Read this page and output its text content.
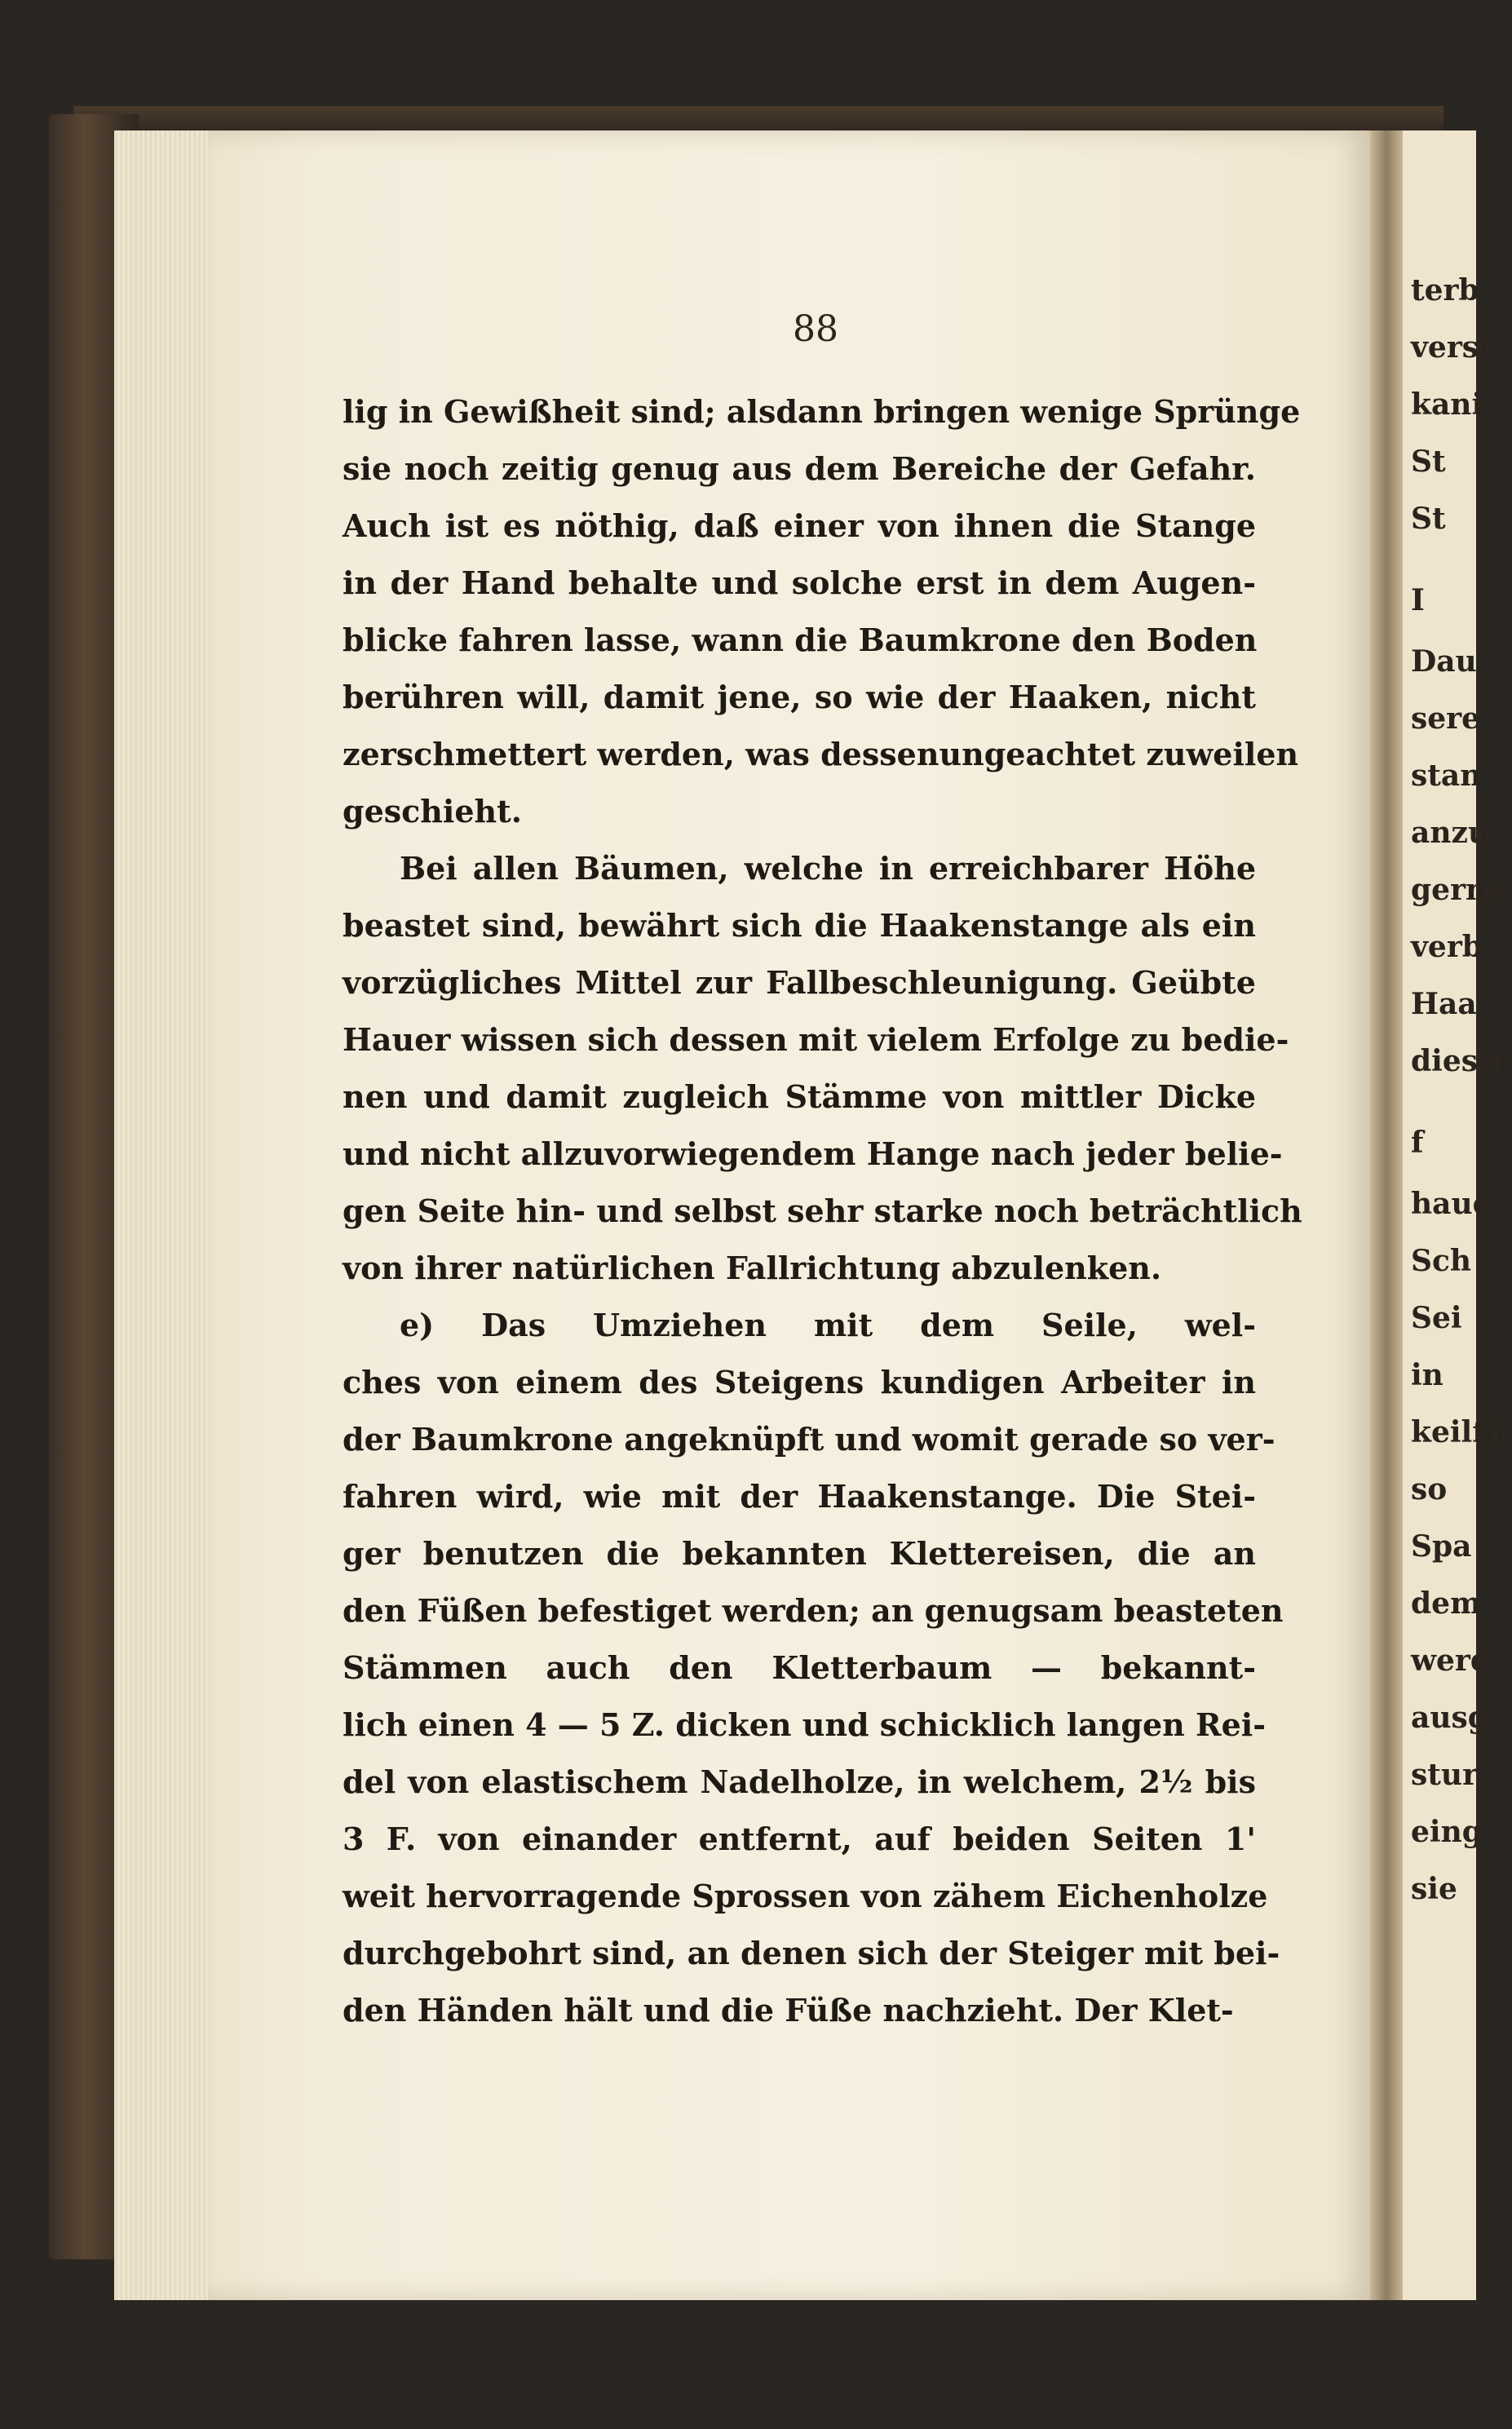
88
lig in Gewißheit sind; alsdann bringen wenige Sprünge
sie noch zeitig genug aus dem Bereiche der Gefahr.
Auch ist es nöthig, daß einer von ihnen die Stange
in der Hand behalte und solche erst in dem Augen-
blicke fahren lasse, wann die Baumkrone den Boden
berühren will, damit jene, so wie der Haaken, nicht
zerschmettert werden, was dessenungeachtet zuweilen
geschieht.
Bei allen Bäumen, welche in erreichbarer Höhe
beastet sind, bewährt sich die Haakenstange als ein
vorzügliches Mittel zur Fallbeschleunigung. Geübte
Hauer wissen sich dessen mit vielem Erfolge zu bedie-
nen und damit zugleich Stämme von mittler Dicke
und nicht allzuvorwiegendem Hange nach jeder belie-
gen Seite hin- und selbst sehr starke noch beträchtlich
von ihrer natürlichen Fallrichtung abzulenken.
e) Das Umziehen mit dem Seile, wel-
ches von einem des Steigens kundigen Arbeiter in
der Baumkrone angeknüpft und womit gerade so ver-
fahren wird, wie mit der Haakenstange. Die Stei-
ger benutzen die bekannten Klettereisen, die an
den Füßen befestiget werden; an genugsam beasteten
Stämmen auch den Kletterbaum — bekannt-
lich einen 4 — 5 Z. dicken und schicklich langen Rei-
del von elastischem Nadelholze, in welchem, 2½ bis
3 F. von einander entfernt, auf beiden Seiten 1'
weit hervorragende Sprossen von zähem Eichenholze
durchgebohrt sind, an denen sich der Steiger mit bei-
den Händen hält und die Füße nachzieht. Der Klet-
terb
versi
kani
St
St
I
Dau
sere
stan
anzu
gerne
verb
Haa
dieser
f
haue
Sch
Sei
in
keilfö
so
Spa
dem
werd
ausg
stur
eing
sie
